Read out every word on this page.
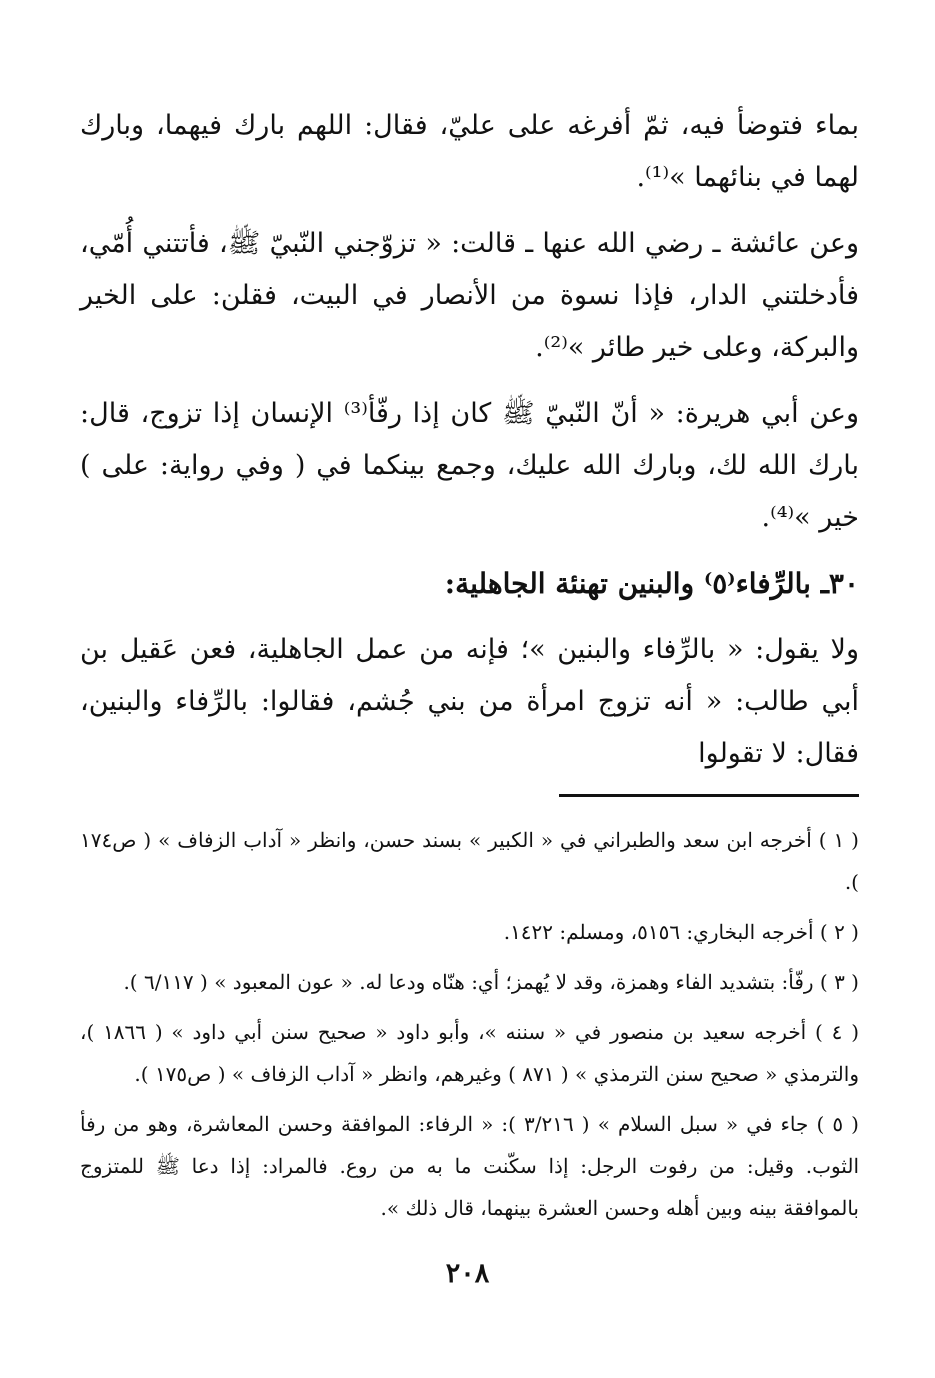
بماء فتوضأ فيه، ثمّ أفرغه على عليّ، فقال: اللهم بارك فيهما، وبارك لهما في بنائهما »⁽¹⁾.

وعن عائشة ـ رضي الله عنها ـ قالت: « تزوّجني النّبيّ ﷺ، فأتتني أُمّي، فأدخلتني الدار، فإذا نسوة من الأنصار في البيت، فقلن: على الخير والبركة، وعلى خير طائر »⁽²⁾.

وعن أبي هريرة: « أنّ النّبيّ ﷺ كان إذا رفّأ⁽³⁾ الإنسان إذا تزوج، قال: بارك الله لك، وبارك الله عليك، وجمع بينكما في ( وفي رواية: على ) خير »⁽⁴⁾.

٣٠ـ بالرِّفاء⁽٥⁾ والبنين تهنئة الجاهلية:

ولا يقول: « بالرِّفاء والبنين »؛ فإنه من عمل الجاهلية، فعن عَقيل بن أبي طالب: « أنه تزوج امرأة من بني جُشم، فقالوا: بالرِّفاء والبنين، فقال: لا تقولوا

( ١ ) أخرجه ابن سعد والطبراني في « الكبير » بسند حسن، وانظر « آداب الزفاف » ( ص١٧٤ ).

( ٢ ) أخرجه البخاري: ٥١٥٦، ومسلم: ١٤٢٢.

( ٣ ) رفّأ: بتشديد الفاء وهمزة، وقد لا يُهمز؛ أي: هنّاه ودعا له. « عون المعبود » ( ٦/١١٧ ).

( ٤ ) أخرجه سعيد بن منصور في « سننه »، وأبو داود « صحيح سنن أبي داود » ( ١٨٦٦ )، والترمذي « صحيح سنن الترمذي » ( ٨٧١ ) وغيرهم، وانظر « آداب الزفاف » ( ص١٧٥ ).

( ٥ ) جاء في « سبل السلام » ( ٣/٢١٦ ): « الرفاء: الموافقة وحسن المعاشرة، وهو من رفأ الثوب. وقيل: من رفوت الرجل: إذا سكّنت ما به من روع. فالمراد: إذا دعا ﷺ للمتزوج بالموافقة بينه وبين أهله وحسن العشرة بينهما، قال ذلك ».

٢٠٨
